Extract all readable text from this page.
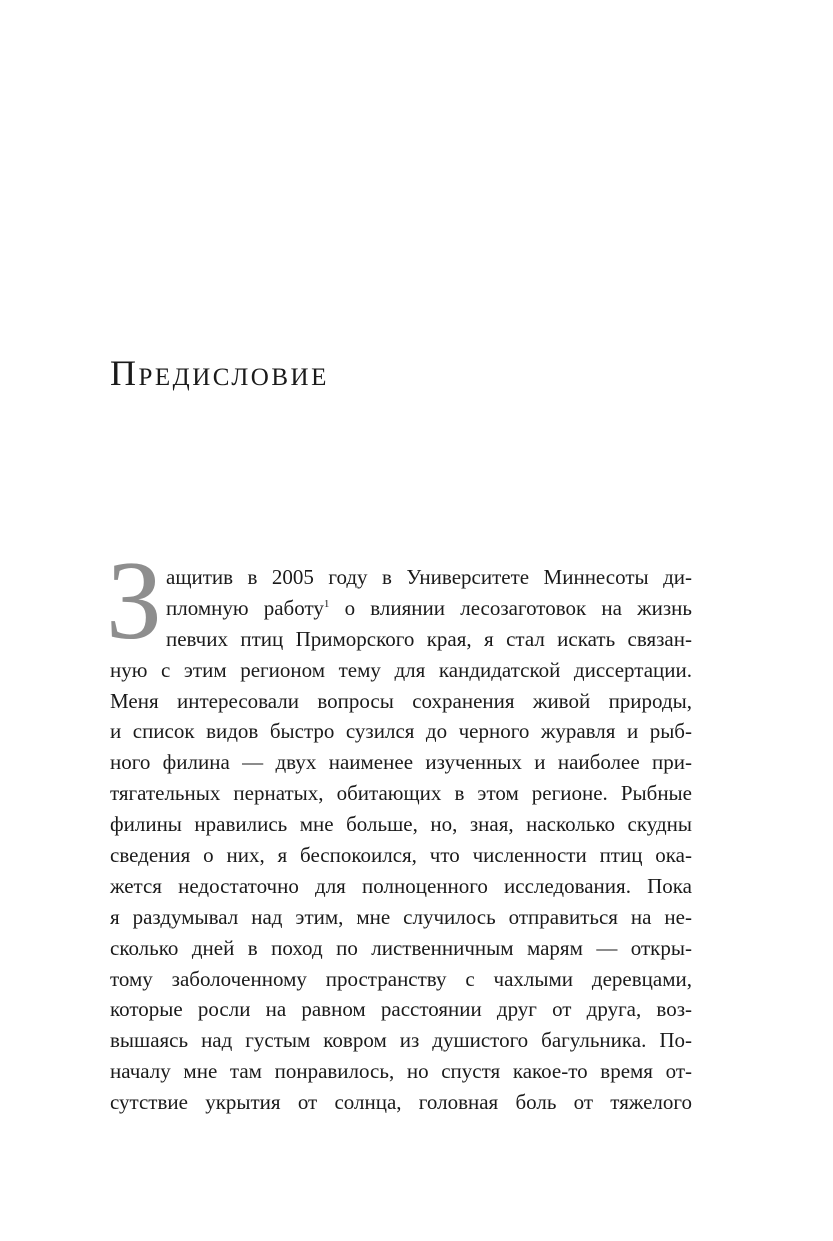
Предисловие
З ащитив в 2005 году в Университете Миннесоты ди-
пломную работу$^1$ о влиянии лесозаготовок на жизнь
певчих птиц Приморского края, я стал искать связан-
ную с этим регионом тему для кандидатской диссертации.
Меня интересовали вопросы сохранения живой природы,
и список видов быстро сузился до черного журавля и рыб-
ного филина — двух наименее изученных и наиболее при-
тягательных пернатых, обитающих в этом регионе. Рыбные
филины нравились мне больше, но, зная, насколько скудны
сведения о них, я беспокоился, что численности птиц ока-
жется недостаточно для полноценного исследования. Пока
я раздумывал над этим, мне случилось отправиться на не-
сколько дней в поход по лиственничным марям — откры-
тому заболоченному пространству с чахлыми деревцами,
которые росли на равном расстоянии друг от друга, воз-
вышаясь над густым ковром из душистого багульника. По-
началу мне там понравилось, но спустя какое-то время от-
сутствие укрытия от солнца, головная боль от тяжелого
